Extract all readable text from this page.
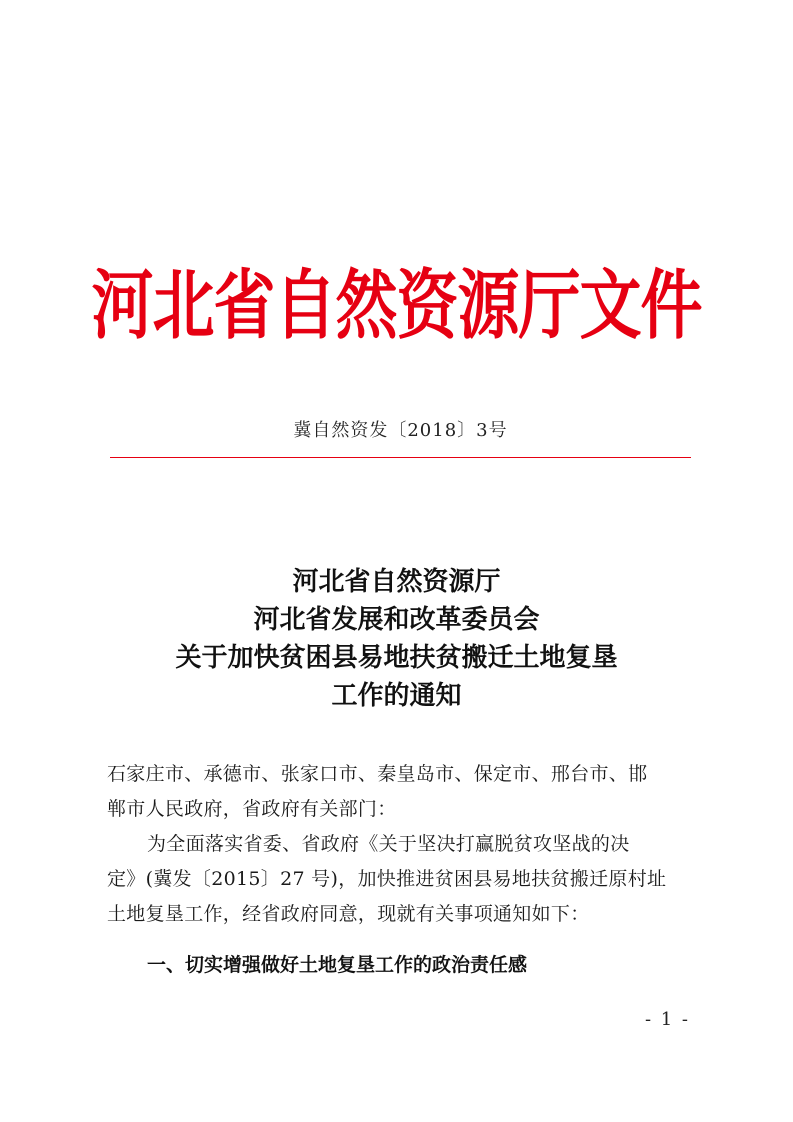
河北省自然资源厅文件
冀自然资发〔2018〕3号
河北省自然资源厅
河北省发展和改革委员会
关于加快贫困县易地扶贫搬迁土地复垦
工作的通知
石家庄市、承德市、张家口市、秦皇岛市、保定市、邢台市、邯
郸市人民政府，省政府有关部门：
为全面落实省委、省政府《关于坚决打赢脱贫攻坚战的决
定》(冀发〔2015〕27 号)，加快推进贫困县易地扶贫搬迁原村址
土地复垦工作，经省政府同意，现就有关事项通知如下：
一、切实增强做好土地复垦工作的政治责任感
- 1 -
